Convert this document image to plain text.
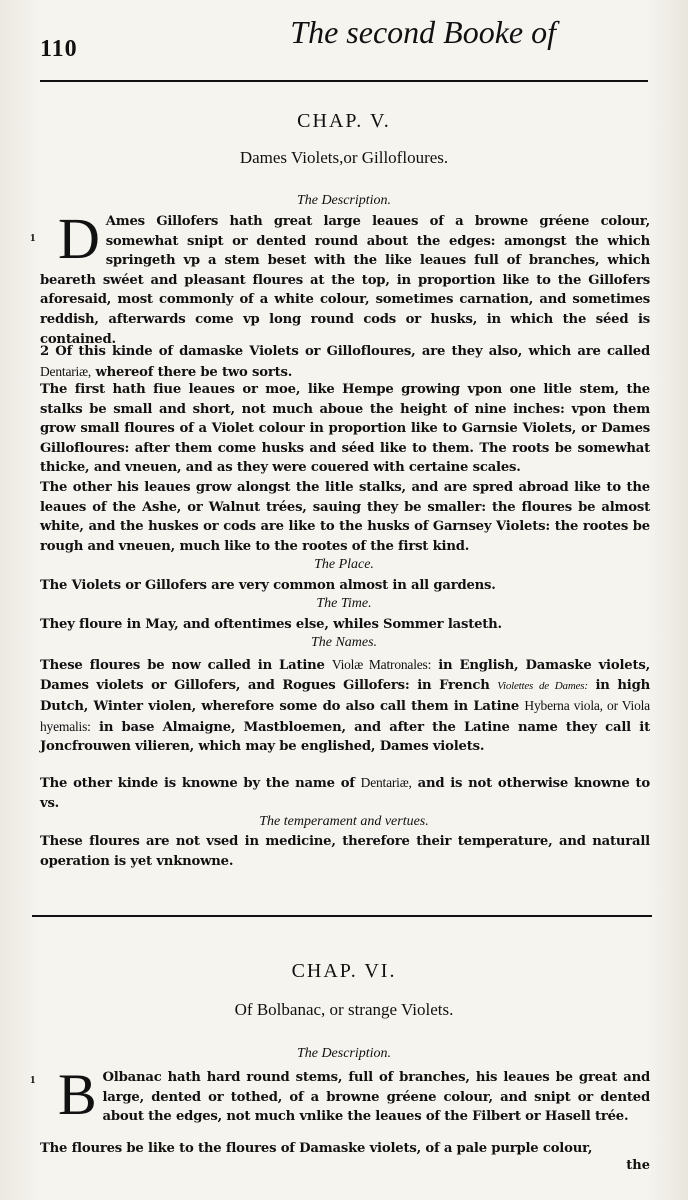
110	The second Booke of
CHAP. V.
Dames Violets,or Gillofloures.
The Description.
1 D Ames Gillofers hath great large leaues of a browne gréene colour, somewhat snipt or dented round about the edges: amongst the which springeth vp a stem beset with the like leaues full of branches, which beareth swéet and pleasant floures at the top, in proportion like to the Gillofers aforesaid, most commonly of a white colour, sometimes carnation, and sometimes reddish, afterwards come vp long round cods or husks, in which the séed is contained.

2 Of this kinde of damaske Violets or Gillofloures, are they also, which are called Dentariæ, whereof there be two sorts.

The first hath fiue leaues or moe, like Hempe growing vpon one litle stem, the stalks be small and short, not much aboue the height of nine inches: vpon them grow small floures of a Violet colour in proportion like to Garnsie Violets, or Dames Gillofloures: after them come husks and séed like to them. The roots be somewhat thicke, and vneuen, and as they were couered with certaine scales.

The other his leaues grow alongst the litle stalks, and are spred abroad like to the leaues of the Ashe, or Walnut trées, sauing they be smaller: the floures be almost white, and the huskes or cods are like to the husks of Garnsey Violets: the rootes be rough and vneuen, much like to the rootes of the first kind.

The Place.

The Violets or Gillofers are very common almost in all gardens.

The Time.

They floure in May, and oftentimes else, whiles Sommer lasteth.

The Names.

These floures be now called in Latine Violæ Matronales: in English, Damaske violets, Dames violets or Gillofers, and Rogues Gillofers: in French Violettes de Dames: in high Dutch, Winter violen, wherefore some do also call them in Latine Hyberna viola, or Viola hyemalis: in base Almaigne, Mastbloemen, and after the Latine name they call it Joncfrouwen vilieren, which may be englished, Dames violets.

The other kinde is knowne by the name of Dentariæ, and is not otherwise knowne to vs.

The temperament and vertues.

These floures are not vsed in medicine, therefore their temperature, and naturall operation is yet vnknowne.

CHAP. VI.
Of Bolbanac, or strange Violets.
The Description.
1 B Olbanac hath hard round stems, full of branches, his leaues be great and large, dented or tothed, of a browne gréene colour, and snipt or dented about the edges, not much vnlike the leaues of the Filbert or Hasell trée.

The floures be like to the floures of Damaske violets, of a pale purple colour,

the
